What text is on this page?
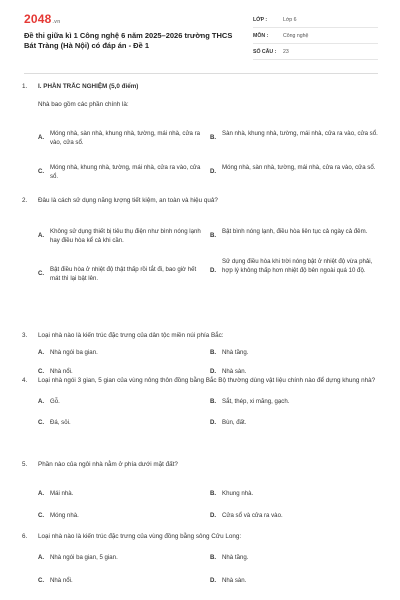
2048.vn
Đề thi giữa kì 1 Công nghệ 6 năm 2025–2026 trường THCS Bát Tràng (Hà Nội) có đáp án - Đề 1
LỚP :	Lớp 6
MÔN :	Công nghệ
SỐ CÂU :	23
1.	I. PHẦN TRẮC NGHIỆM (5,0 điểm)
Nhà bao gồm các phần chính là:
A.
Móng nhà, sàn nhà, khung nhà, tường, mái nhà, cửa ra vào, cửa sổ.
B.
Sàn nhà, khung nhà, tường, mái nhà, cửa ra vào, cửa sổ.
C.
Móng nhà, khung nhà, tường, mái nhà, cửa ra vào, cửa sổ.
D.
Móng nhà, sàn nhà, tường, mái nhà, cửa ra vào, cửa sổ.
2.	Đâu là cách sử dụng năng lượng tiết kiệm, an toàn và hiệu quả?
A.
Không sử dụng thiết bị tiêu thụ điện như bình nóng lạnh hay điều hòa kể cả khi cần.
B.
Bật bình nóng lạnh, điều hòa liên tục cả ngày cả đêm.
C.
Bật điều hòa ở nhiệt độ thật thấp rồi tắt đi, bao giờ hết mát thì lại bật lên.
D.
Sử dụng điều hòa khi trời nóng bật ở nhiệt độ vừa phải, hợp lý không thấp hơn nhiệt độ bên ngoài quá 10 độ.
3.	Loại nhà nào là kiến trúc đặc trưng của dân tộc miền núi phía Bắc:
A. Nhà ngói ba gian.	B. Nhà tầng.
C. Nhà nổi.	D. Nhà sàn.
4.	Loại nhà ngói 3 gian, 5 gian của vùng nông thôn đồng bằng Bắc Bộ thường dùng vật liệu chính nào để dựng khung nhà?
A. Gỗ.	B. Sắt, thép, xi măng, gạch.
C. Đá, sỏi.	D. Bùn, đất.
5.	Phần nào của ngôi nhà nằm ở phía dưới mặt đất?
A. Mái nhà.	B. Khung nhà.
C. Móng nhà.	D. Cửa sổ và cửa ra vào.
6.	Loại nhà nào là kiến trúc đặc trưng của vùng đồng bằng sông Cửu Long:
A. Nhà ngói ba gian, 5 gian.	B. Nhà tầng.
C. Nhà nổi.	D. Nhà sàn.
